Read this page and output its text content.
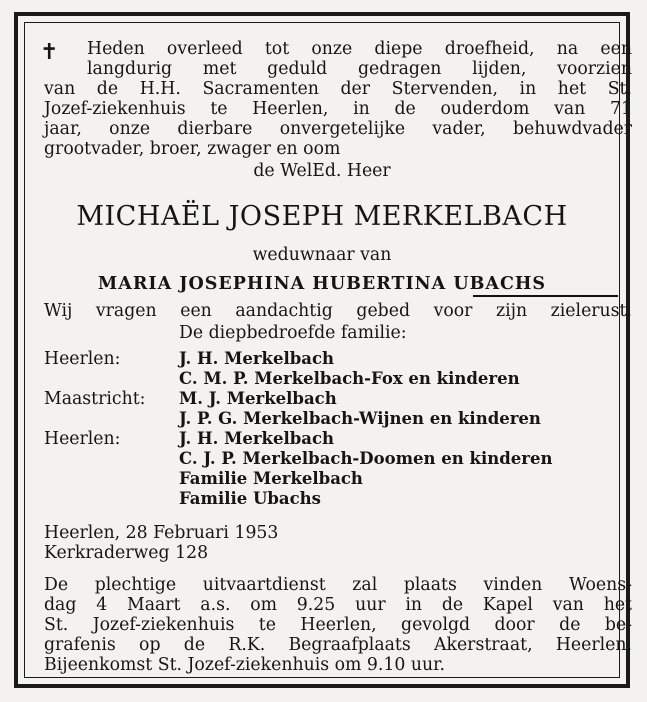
✝ Heden overleed tot onze diepe droefheid, na een
langdurig met geduld gedragen lijden, voorzien
van de H.H. Sacramenten der Stervenden, in het St.
Jozef-ziekenhuis te Heerlen, in de ouderdom van 71
jaar, onze dierbare onvergetelijke vader, behuwdvader
grootvader, broer, zwager en oom
de WelEd. Heer
MICHAËL JOSEPH MERKELBACH
weduwnaar van
MARIA JOSEPHINA HUBERTINA UBACHS
Wij vragen een aandachtig gebed voor zijn zielerust.
De diepbedroefde familie:
Heerlen:	J. H. Merkelbach
C. M. P. Merkelbach-Fox en kinderen
Maastricht: M. J. Merkelbach
J. P. G. Merkelbach-Wijnen en kinderen
Heerlen:	J. H. Merkelbach
C. J. P. Merkelbach-Doomen en kinderen
Familie Merkelbach
Familie Ubachs
Heerlen, 28 Februari 1953
Kerkraderweg 128
De plechtige uitvaartdienst zal plaats vinden Woens-
dag 4 Maart a.s. om 9.25 uur in de Kapel van het
St. Jozef-ziekenhuis te Heerlen, gevolgd door de be-
grafenis op de R.K. Begraafplaats Akerstraat, Heerlen.
Bijeenkomst St. Jozef-ziekenhuis om 9.10 uur.
